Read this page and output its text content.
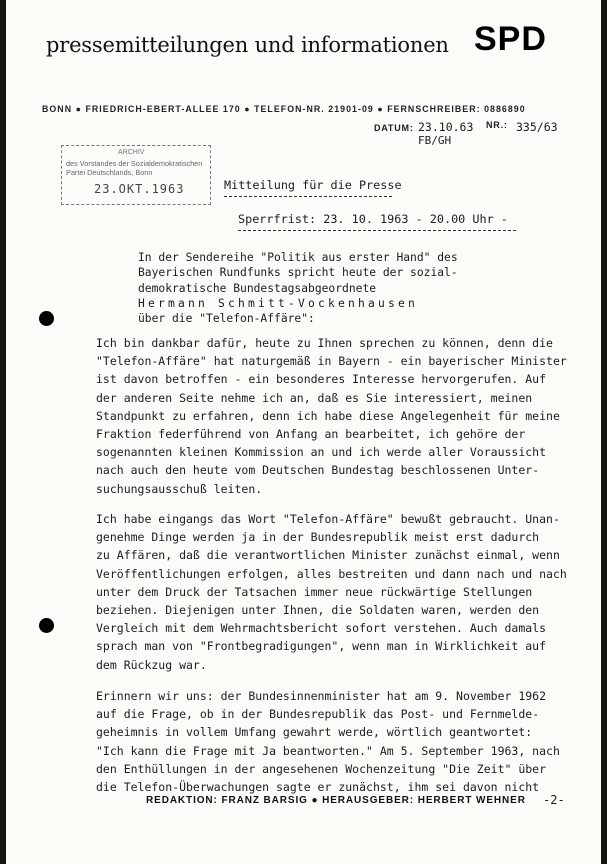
pressemitteilungen und informationen SPD
BONN ● FRIEDRICH-EBERT-ALLEE 170 ● TELEFON-NR. 21901-09 ● FERNSCHREIBER: 0886890
DATUM: 23.10.63 NR.: 335/63
FB/GH
ARCHIV
des Vorstandes der Sozialdemokratischen
Partei Deutschlands, Bonn
23.OKT.1963	Mitteilung für die Presse
Sperrfrist: 23. 10. 1963 - 20.00 Uhr -
In der Sendereihe "Politik aus erster Hand" des
Bayerischen Rundfunks spricht heute der sozial-
demokratische Bundestagsabgeordnete
Hermann Schmitt-Vockenhausen
über die "Telefon-Affäre":
Ich bin dankbar dafür, heute zu Ihnen sprechen zu können, denn die
"Telefon-Affäre" hat naturgemäß in Bayern - ein bayerischer Minister
ist davon betroffen - ein besonderes Interesse hervorgerufen. Auf
der anderen Seite nehme ich an, daß es Sie interessiert, meinen
Standpunkt zu erfahren, denn ich habe diese Angelegenheit für meine
Fraktion federführend von Anfang an bearbeitet, ich gehöre der
sogenannten kleinen Kommission an und ich werde aller Voraussicht
nach auch den heute vom Deutschen Bundestag beschlossenen Unter-
suchungsausschuß leiten.
Ich habe eingangs das Wort "Telefon-Affäre" bewußt gebraucht. Unan-
genehme Dinge werden ja in der Bundesrepublik meist erst dadurch
zu Affären, daß die verantwortlichen Minister zunächst einmal, wenn
Veröffentlichungen erfolgen, alles bestreiten und dann nach und nach
unter dem Druck der Tatsachen immer neue rückwärtige Stellungen
beziehen. Diejenigen unter Ihnen, die Soldaten waren, werden den
Vergleich mit dem Wehrmachtsbericht sofort verstehen. Auch damals
sprach man von "Frontbegradigungen", wenn man in Wirklichkeit auf
dem Rückzug war.
Erinnern wir uns: der Bundesinnenminister hat am 9. November 1962
auf die Frage, ob in der Bundesrepublik das Post- und Fernmelde-
geheimnis in vollem Umfang gewahrt werde, wörtlich geantwortet:
"Ich kann die Frage mit Ja beantworten." Am 5. September 1963, nach
den Enthüllungen in der angesehenen Wochenzeitung "Die Zeit" über
die Telefon-Überwachungen sagte er zunächst, ihm sei davon nicht
REDAKTION: FRANZ BARSIG ● HERAUSGEBER: HERBERT WEHNER -2-
